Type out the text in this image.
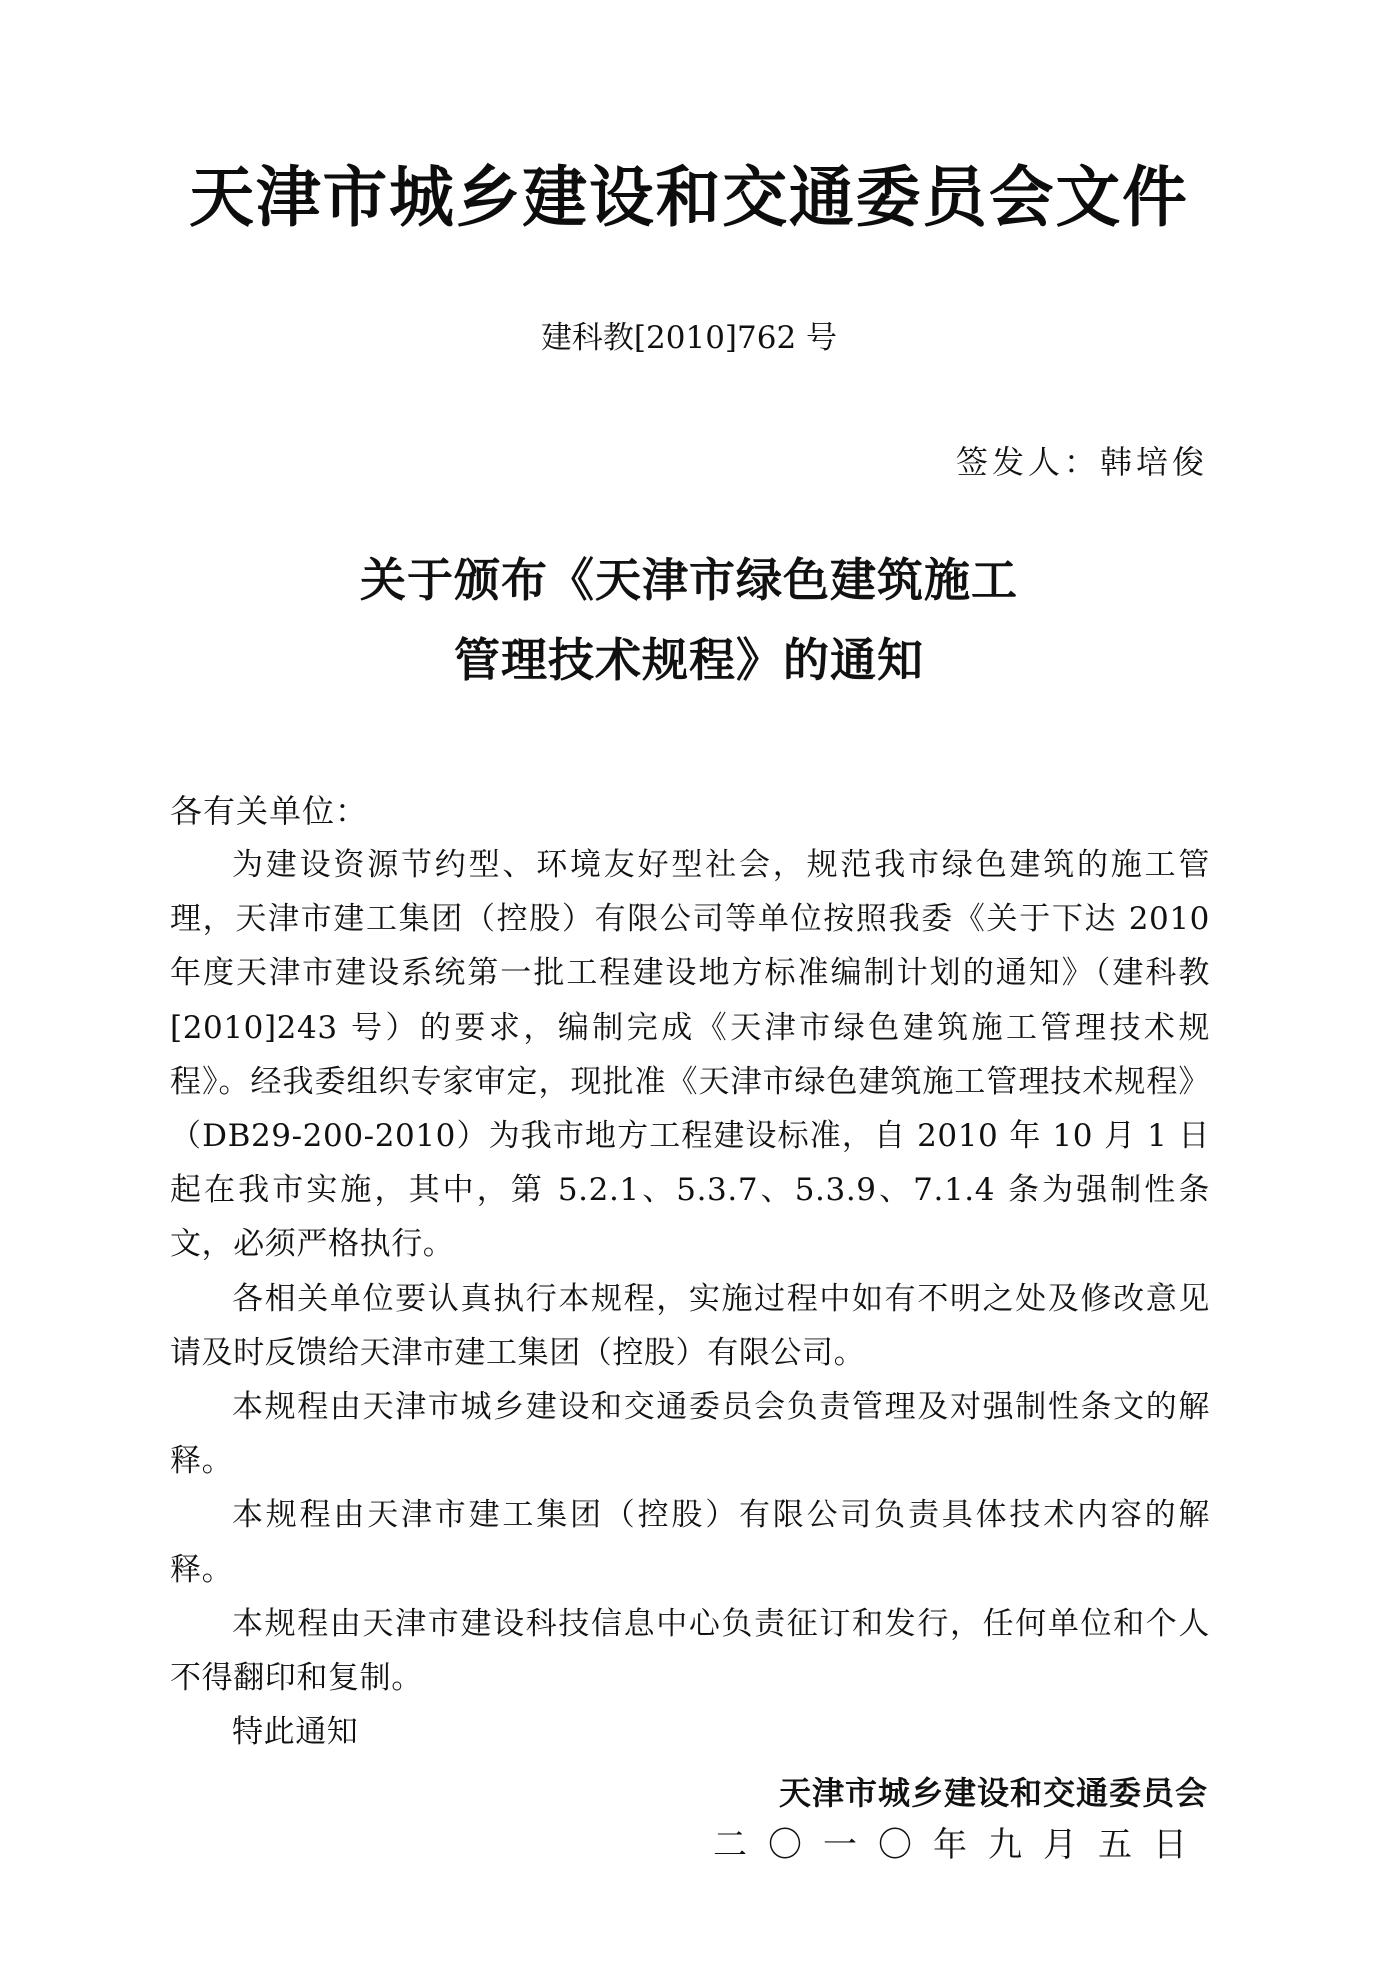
天津市城乡建设和交通委员会文件
建科教[2010]762 号
签发人：韩培俊
关于颁布《天津市绿色建筑施工
管理技术规程》的通知
各有关单位：

为建设资源节约型、环境友好型社会，规范我市绿色建筑的施工管理，天津市建工集团（控股）有限公司等单位按照我委《关于下达 2010 年度天津市建设系统第一批工程建设地方标准编制计划的通知》（建科教[2010]243 号）的要求，编制完成《天津市绿色建筑施工管理技术规程》。经我委组织专家审定，现批准《天津市绿色建筑施工管理技术规程》（DB29-200-2010）为我市地方工程建设标准，自 2010 年 10 月 1 日起在我市实施，其中，第 5.2.1、5.3.7、5.3.9、7.1.4 条为强制性条文，必须严格执行。

各相关单位要认真执行本规程，实施过程中如有不明之处及修改意见请及时反馈给天津市建工集团（控股）有限公司。

本规程由天津市城乡建设和交通委员会负责管理及对强制性条文的解释。

本规程由天津市建工集团（控股）有限公司负责具体技术内容的解释。

本规程由天津市建设科技信息中心负责征订和发行，任何单位和个人不得翻印和复制。

特此通知

天津市城乡建设和交通委员会
二〇一〇年九月五日
